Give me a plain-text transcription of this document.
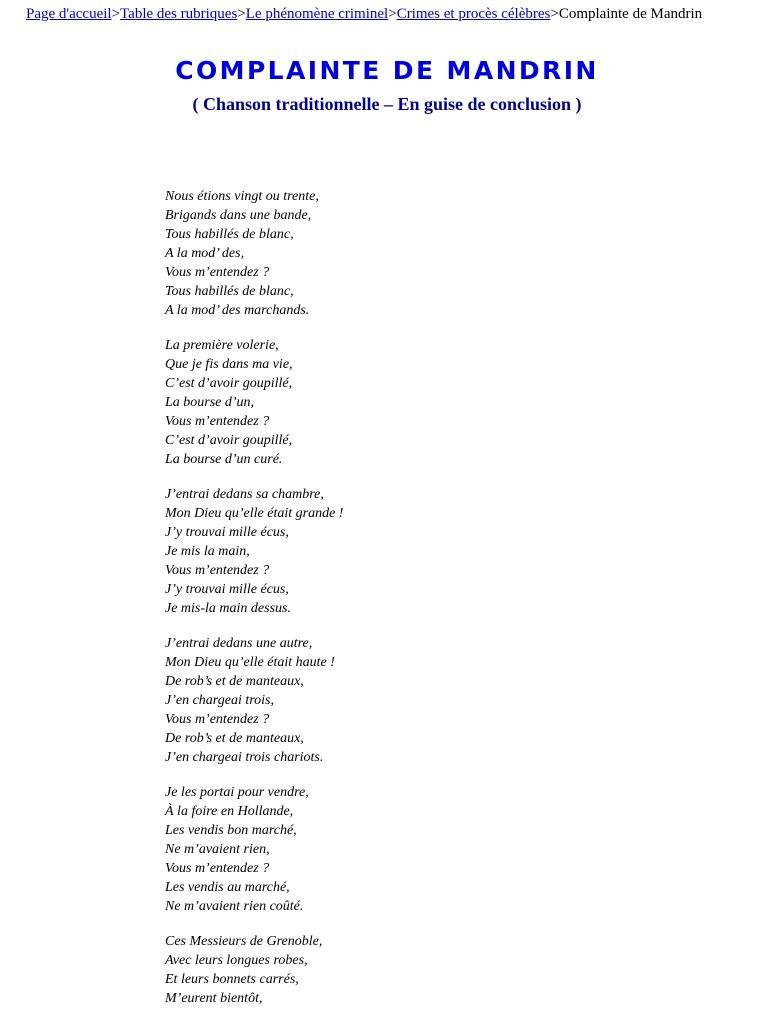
Page d'accueil>Table des rubriques>Le phénomène criminel>Crimes et procès célèbres>Complainte de Mandrin
COMPLAINTE DE MANDRIN
( Chanson traditionnelle – En guise de conclusion )
Nous étions vingt ou trente,
Brigands dans une bande,
Tous habillés de blanc,
A la mod’ des,
Vous m’entendez ?
Tous habillés de blanc,
A la mod’ des marchands.
La première volerie,
Que je fis dans ma vie,
C’est d’avoir goupillé,
La bourse d’un,
Vous m’entendez ?
C’est d’avoir goupillé,
La bourse d’un curé.
J’entrai dedans sa chambre,
Mon Dieu qu’elle était grande !
J’y trouvai mille écus,
Je mis la main,
Vous m’entendez ?
J’y trouvai mille écus,
Je mis-la main dessus.
J’entrai dedans une autre,
Mon Dieu qu’elle était haute !
De rob’s et de manteaux,
J’en chargeai trois,
Vous m’entendez ?
De rob’s et de manteaux,
J’en chargeai trois chariots.
Je les portai pour vendre,
À la foire en Hollande,
Les vendis bon marché,
Ne m’avaient rien,
Vous m’entendez ?
Les vendis au marché,
Ne m’avaient rien coûté.
Ces Messieurs de Grenoble,
Avec leurs longues robes,
Et leurs bonnets carrés,
M’eurent bientôt,
